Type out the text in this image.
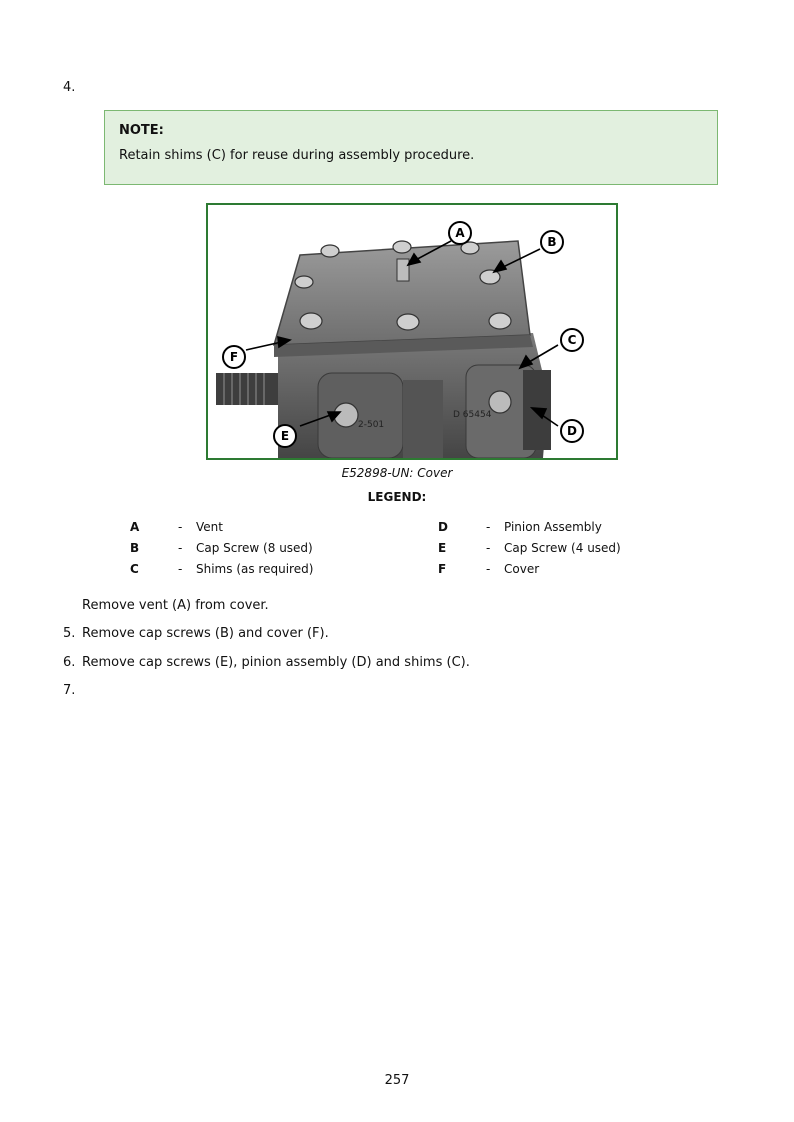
4.
NOTE:
Retain shims (C) for reuse during assembly procedure.
2-501
D 65454
A
B
C
D
E
F
E52898-UN: Cover
LEGEND:
A	- Vent
B	- Cap Screw (8 used)
C	- Shims (as required)
D	- Pinion Assembly
E	- Cap Screw (4 used)
F	- Cover
Remove vent (A) from cover.
5. Remove cap screws (B) and cover (F).
6. Remove cap screws (E), pinion assembly (D) and shims (C).
7.
257
